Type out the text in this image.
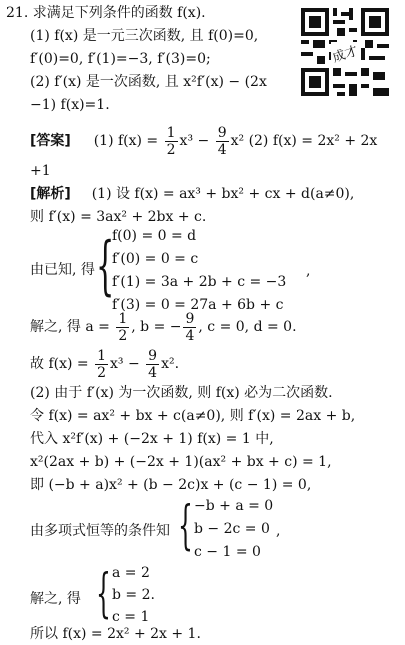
21. 求满足下列条件的函数 f(x).
(1) f(x) 是一元三次函数, 且 f(0)=0,
f′(0)=0, f′(1)=−3, f′(3)=0;
(2) f′(x) 是一次函数, 且 x²f′(x) − (2x
−1) f(x)=1.
成才
[答案] (1) $f(x) = \frac{1}{2} x^3 - \frac{9}{4} x^2$ (2) f(x) = 2x² + 2x
+1
[解析] (1) 设 f(x) = ax³ + bx² + cx + d(a≠0),
则 f′(x) = 3ax² + 2bx + c.
由已知, 得 {
f(0) = 0 = d
f′(0) = 0 = c
f′(1) = 3a + 2b + c = −3
f′(3) = 0 = 27a + 6b + c
,
解之, 得 $a = \frac{1}{2}$ , b = − $\frac{9}{4}$ , c = 0, d = 0.
故 $f(x) = \frac{1}{2} x^3 - \frac{9}{4} x^2$.
(2) 由于 f′(x) 为一次函数, 则 f(x) 必为二次函数.
令 f(x) = ax² + bx + c(a≠0), 则 f′(x) = 2ax + b,
代入 x²f′(x) + (−2x + 1) f(x) = 1 中,
x²(2ax + b) + (−2x + 1)(ax² + bx + c) = 1,
即 (−b + a)x² + (b − 2c)x + (c − 1) = 0,
由多项式恒等的条件知 { −b + a = 0
b − 2c = 0
c − 1 = 0
,
解之, 得 { a = 2
b = 2.
c = 1
所以 f(x) = 2x² + 2x + 1.
